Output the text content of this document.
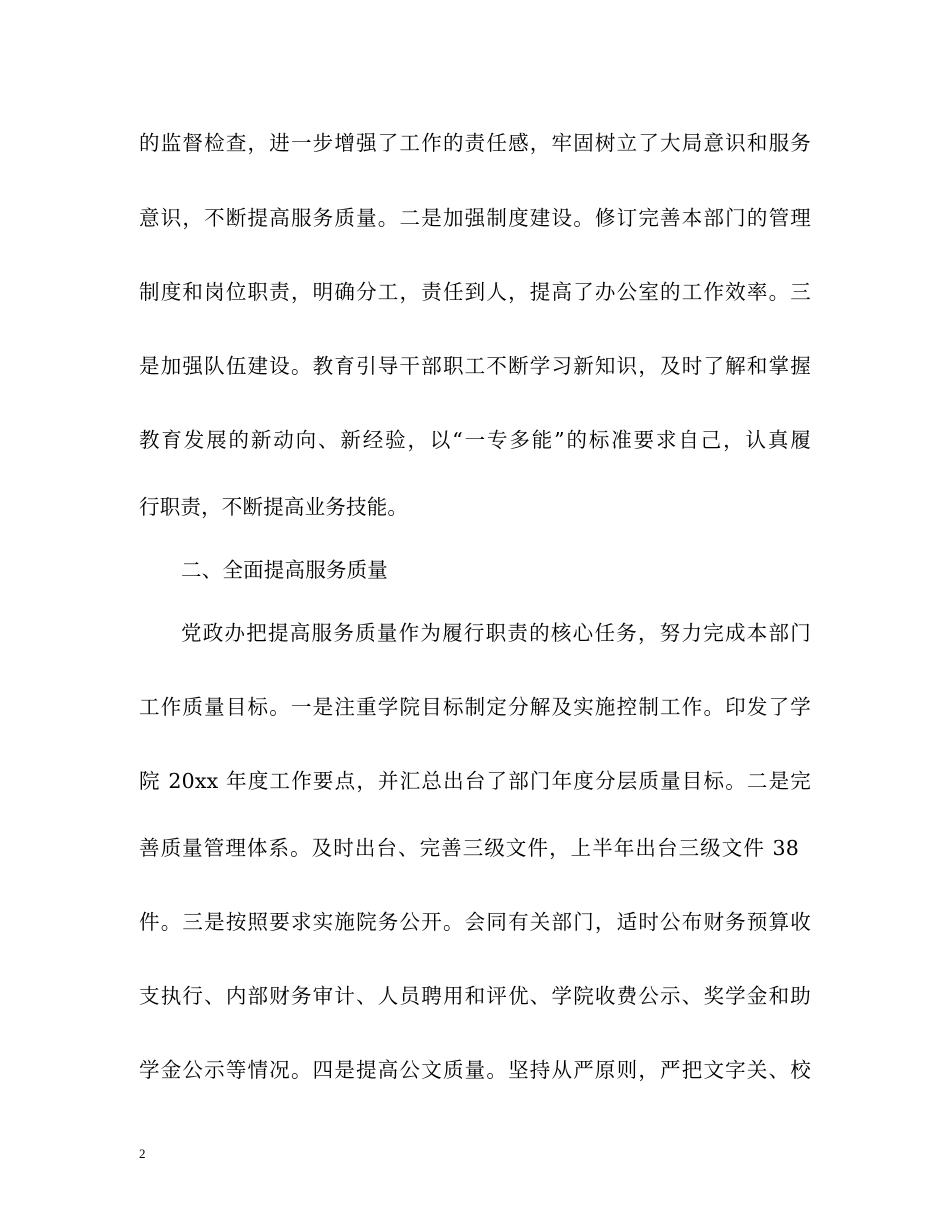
的监督检查，进一步增强了工作的责任感，牢固树立了大局意识和服务
意识，不断提高服务质量。二是加强制度建设。修订完善本部门的管理
制度和岗位职责，明确分工，责任到人，提高了办公室的工作效率。三
是加强队伍建设。教育引导干部职工不断学习新知识，及时了解和掌握
教育发展的新动向、新经验，以“一专多能”的标准要求自己，认真履
行职责，不断提高业务技能。
二、全面提高服务质量
党政办把提高服务质量作为履行职责的核心任务，努力完成本部门
工作质量目标。一是注重学院目标制定分解及实施控制工作。印发了学
院 20xx 年度工作要点，并汇总出台了部门年度分层质量目标。二是完
善质量管理体系。及时出台、完善三级文件，上半年出台三级文件 38
件。三是按照要求实施院务公开。会同有关部门，适时公布财务预算收
支执行、内部财务审计、人员聘用和评优、学院收费公示、奖学金和助
学金公示等情况。四是提高公文质量。坚持从严原则，严把文字关、校
2
